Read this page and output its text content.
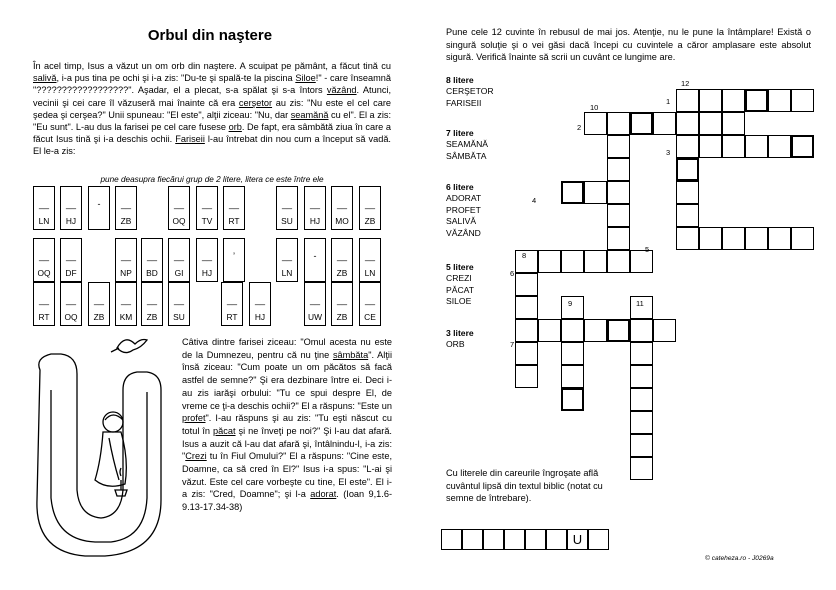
Orbul din naştere
În acel timp, Isus a văzut un om orb din naştere. A scuipat pe pământ, a făcut tină cu salivă, i-a pus tina pe ochi şi i-a zis: "Du-te şi spală-te la piscina Siloe!" - care înseamnă "??????????????????". Aşadar, el a plecat, s-a spălat şi s-a întors văzând. Atunci, vecinii şi cei care îl văzuseră mai înainte că era cerşetor au zis: "Nu este el cel care şedea şi cerşea?" Unii spuneau: "El este", alţii ziceau: "Nu, dar seamănă cu el". El a zis: "Eu sunt". L-au dus la farisei pe cel care fusese orb. De fapt, era sâmbătă ziua în care a făcut Isus tină şi i-a deschis ochii. Fariseii l-au întrebat din nou cum a început să vadă. El le-a zis:
pune deasupra fiecărui grup de 2 litere, litera ce este între ele
__
LN
__
HJ
-	__
ZB
__
OQ
__
TV
__
RT
__
SU
__
HJ
__
MO
__
ZB
__
OQ
__
DF
__
NP
__
BD
__
GI
__
HJ
’	__
LN
-	__
ZB
__
LN
__
RT
__
OQ
__
ZB
__
KM
__
ZB
__
SU
__
RT
__
HJ
__
UW
__
ZB
__
CE
Câtiva dintre farisei ziceau: "Omul acesta nu este de la Dumnezeu, pentru că nu ţine sâmbăta". Alţii însă ziceau: "Cum poate un om păcătos să facă astfel de semne?" Şi era dezbinare între ei. Deci i-au zis iarăşi orbului: "Tu ce spui despre El, de vreme ce ţi-a deschis ochii?" El a răspuns: "Este un profet". I-au răspuns şi au zis: "Tu eşti născut cu totul în păcat şi ne înveţi pe noi?" Şi l-au dat afară. Isus a auzit că l-au dat afară şi, întâlnindu-l, i-a zis: "Crezi tu în Fiul Omului?" El a răspuns: "Cine este, Doamne, ca să cred în El?" Isus i-a spus: "L-ai şi văzut. Este cel care vorbeşte cu tine, El este". El i-a zis: "Cred, Doamne"; şi l-a adorat. (Ioan 9,1.6-9.13-17.34-38)
Pune cele 12 cuvinte în rebusul de mai jos. Atenţie, nu le pune la întâmplare! Există o singură soluţie şi o vei găsi dacă începi cu cuvintele a căror amplasare este absolut sigură. Verifică înainte să scrii un cuvânt ce lungime are.
8 litere
CERŞETOR
FARISEII
7 litere
SEAMĂNĂ
SÂMBĂTA
6 litere
ADORAT
PROFET
SALIVĂ
VĂZÂND
5 litere
CREZI
PĂCAT
SILOE
3 litere
ORB
1
2
3
4
5
6
7
8
9
10
11
12
Cu literele din careurile îngroşate află cuvântul lipsă din textul biblic (notat cu semne de întrebare).
U
© cateheza.ro - J0269a
